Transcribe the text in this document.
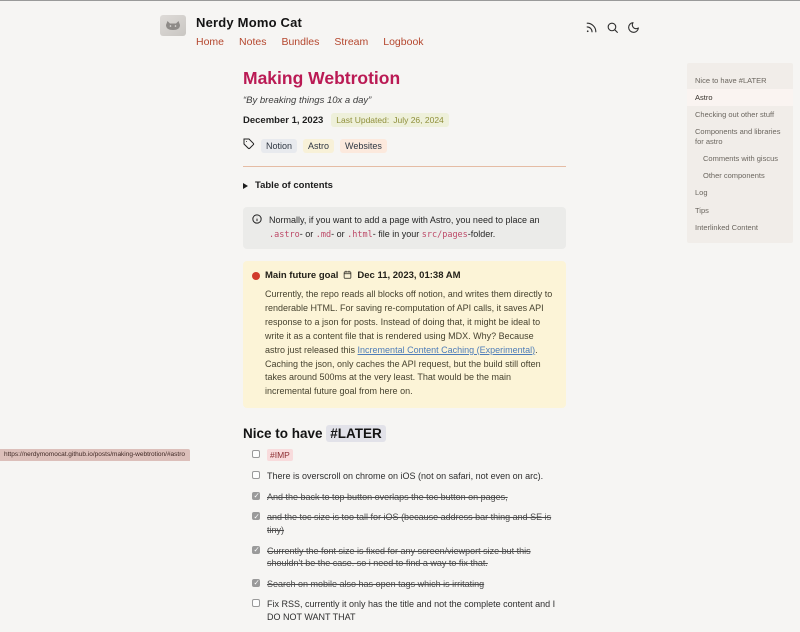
Nerdy Momo Cat
Home Notes Bundles Stream Logbook
Making Webtrotion
“By breaking things 10x a day”
December 1, 2023 Last Updated: July 26, 2024
Notion	Astro	Websites
Table of contents
Normally, if you want to add a page with Astro, you need to place an .astro- or .md- or .html- file in your src/pages-folder.
Main future goal Dec 11, 2023, 01:38 AM
Currently, the repo reads all blocks off notion, and writes them directly to renderable HTML. For saving re-computation of API calls, it saves API response to a json for posts. Instead of doing that, it might be ideal to write it as a content file that is rendered using MDX. Why? Because astro just released this Incremental Content Caching (Experimental). Caching the json, only caches the API request, but the build still often takes around 500ms at the very least. That would be the main incremental future goal from here on.
Nice to have #LATER
#IMP
There is overscroll on chrome on iOS (not on safari, not even on arc).
✓
And the back to top button overlaps the toc button on pages,
✓
and the toc size is too tall for iOS (because address bar thing and SE is tiny)
✓
Currently the font size is fixed for any screen/viewport size but this shouldn't be the case. so i need to find a way to fix that.
✓
Search on mobile also has open tags which is irritating
Fix RSS, currently it only has the title and not the complete content and I DO NOT WANT THAT
Nice to have #LATER
Astro
Checking out other stuff
Components and libraries for astro
Comments with giscus
Other components
Log
Tips
Interlinked Content
https://nerdymomocat.github.io/posts/making-webtrotion/#astro
